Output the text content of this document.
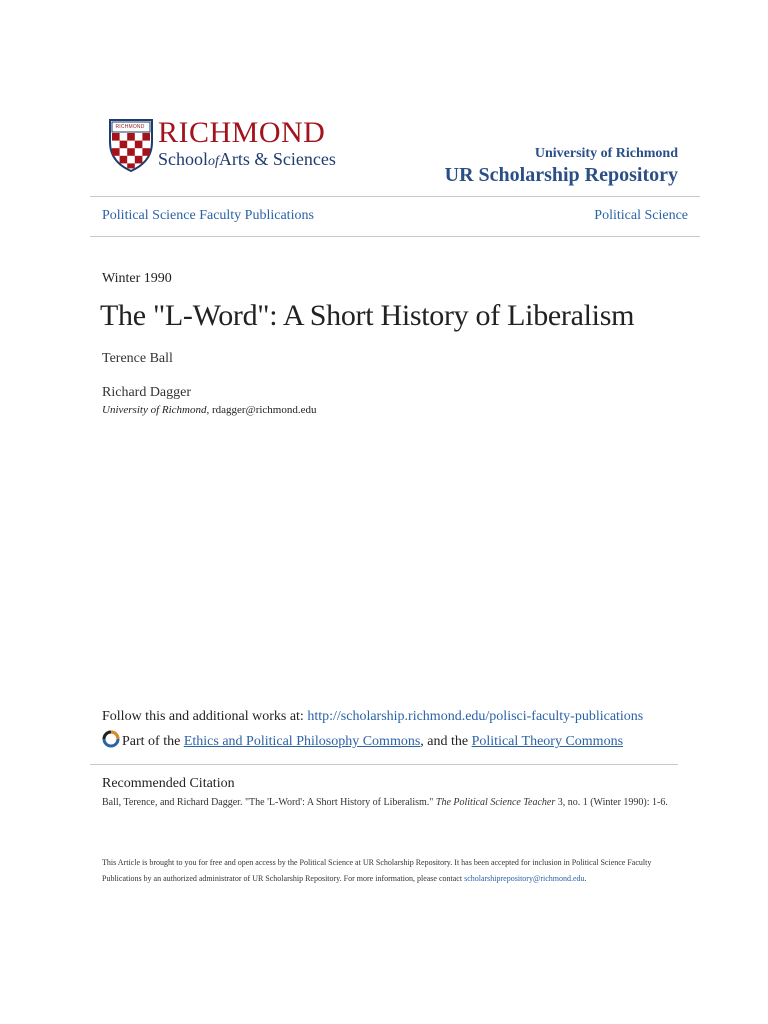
RICHMOND RICHMOND
SchoolofArts & Sciences	University of Richmond
UR Scholarship Repository
Political Science Faculty Publications	Political Science
Winter 1990
The "L-Word": A Short History of Liberalism
Terence Ball
Richard Dagger
University of Richmond, rdagger@richmond.edu
Follow this and additional works at: http://scholarship.richmond.edu/polisci-faculty-publications
Part of the Ethics and Political Philosophy Commons, and the Political Theory Commons
Recommended Citation
Ball, Terence, and Richard Dagger. "The 'L-Word': A Short History of Liberalism." The Political Science Teacher 3, no. 1 (Winter 1990): 1-6.
This Article is brought to you for free and open access by the Political Science at UR Scholarship Repository. It has been accepted for inclusion in Political Science Faculty Publications by an authorized administrator of UR Scholarship Repository. For more information, please contact scholarshiprepository@richmond.edu.
